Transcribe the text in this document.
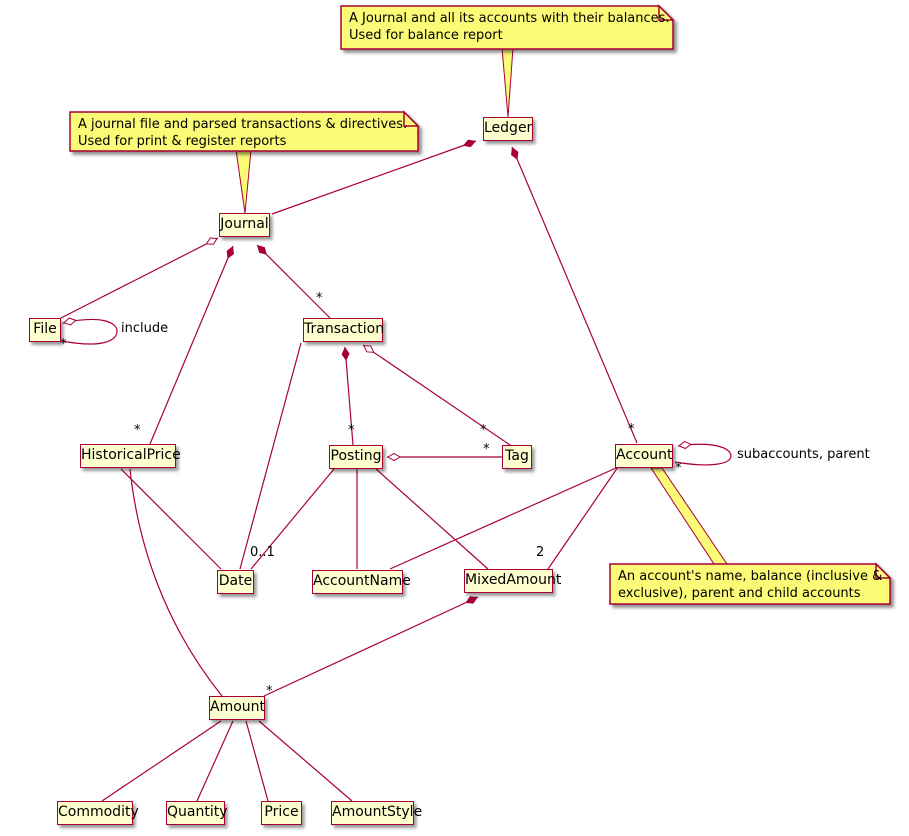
A Journal and all its accounts with their balances.
Used for balance report
A journal file and parsed transactions & directives.
Used for print & register reports
An account's name, balance (inclusive &
exclusive), parent and child accounts
Ledger
Journal
File	Transaction
HistoricalPrice	Posting	Tag	Account
Date	AccountName	MixedAmount
Amount
Commodity Quantity	Price AmountStyle
include
subaccounts, parent
*
*	*	*
*
*
*
*
0..1	2
*
